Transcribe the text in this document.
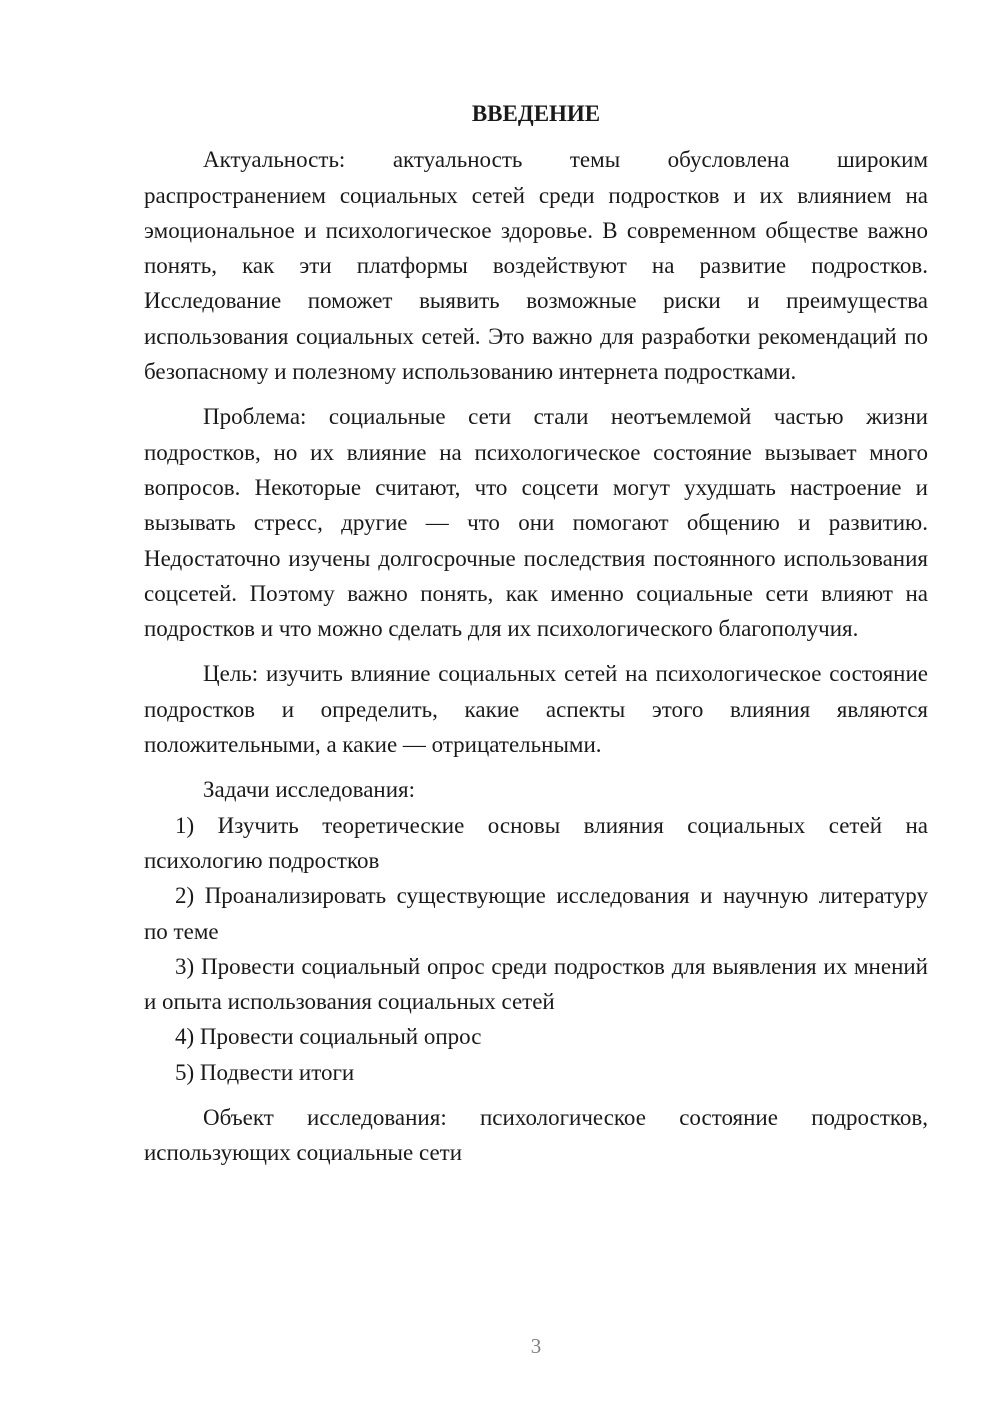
ВВЕДЕНИЕ

Актуальность: актуальность темы обусловлена широким распространением социальных сетей среди подростков и их влиянием на эмоциональное и психологическое здоровье. В современном обществе важно понять, как эти платформы воздействуют на развитие подростков. Исследование поможет выявить возможные риски и преимущества использования социальных сетей. Это важно для разработки рекомендаций по безопасному и полезному использованию интернета подростками.

Проблема: социальные сети стали неотъемлемой частью жизни подростков, но их влияние на психологическое состояние вызывает много вопросов. Некоторые считают, что соцсети могут ухудшать настроение и вызывать стресс, другие — что они помогают общению и развитию. Недостаточно изучены долгосрочные последствия постоянного использования соцсетей. Поэтому важно понять, как именно социальные сети влияют на подростков и что можно сделать для их психологического благополучия.

Цель: изучить влияние социальных сетей на психологическое состояние подростков и определить, какие аспекты этого влияния являются положительными, а какие — отрицательными.

Задачи исследования:

1) Изучить теоретические основы влияния социальных сетей на психологию подростков

2) Проанализировать существующие исследования и научную литературу по теме

3) Провести социальный опрос среди подростков для выявления их мнений и опыта использования социальных сетей

4) Провести социальный опрос

5) Подвести итоги

Объект исследования: психологическое состояние подростков, использующих социальные сети

3
